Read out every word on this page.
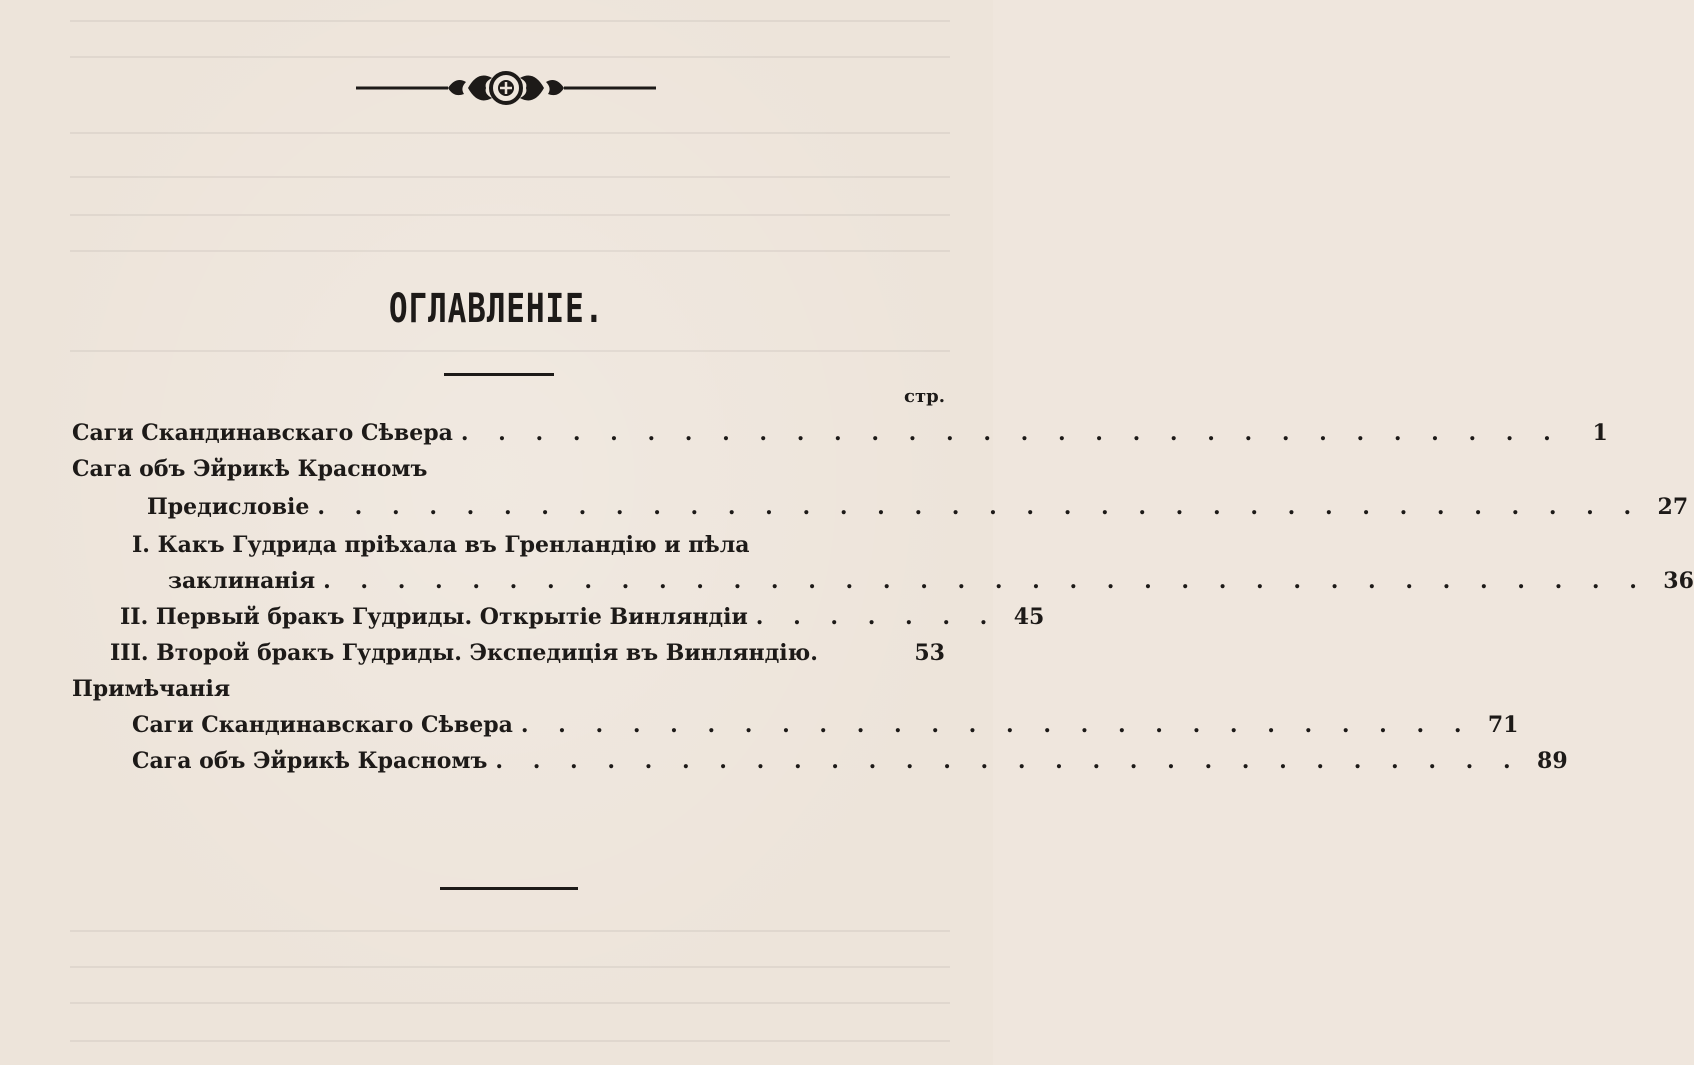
ОГЛАВЛЕНІЕ.
стр.
Саги Скандинавскаго Сѣвера . . . . . . . . . . . . . . . . . . . . . . . . . . . . . .	1
Сага объ Эйрикѣ Красномъ
Предисловіе . . . . . . . . . . . . . . . . . . . . . . . . . . . . . . . . . . . . 27
I. Какъ Гудрида пріѣхала въ Гренландію и пѣла
заклинанія . . . . . . . . . . . . . . . . . . . . . . . . . . . . . . . . . . . . 36
II. Первый бракъ Гудриды. Открытіе Винляндіи . . . . . . . 45
III. Второй бракъ Гудриды. Экспедиція въ Винляндію.	53
Примѣчанія
Саги Скандинавскаго Сѣвера . . . . . . . . . . . . . . . . . . . . . . . . . . 71
Сага объ Эйрикѣ Красномъ . . . . . . . . . . . . . . . . . . . . . . . . . . . . 89
